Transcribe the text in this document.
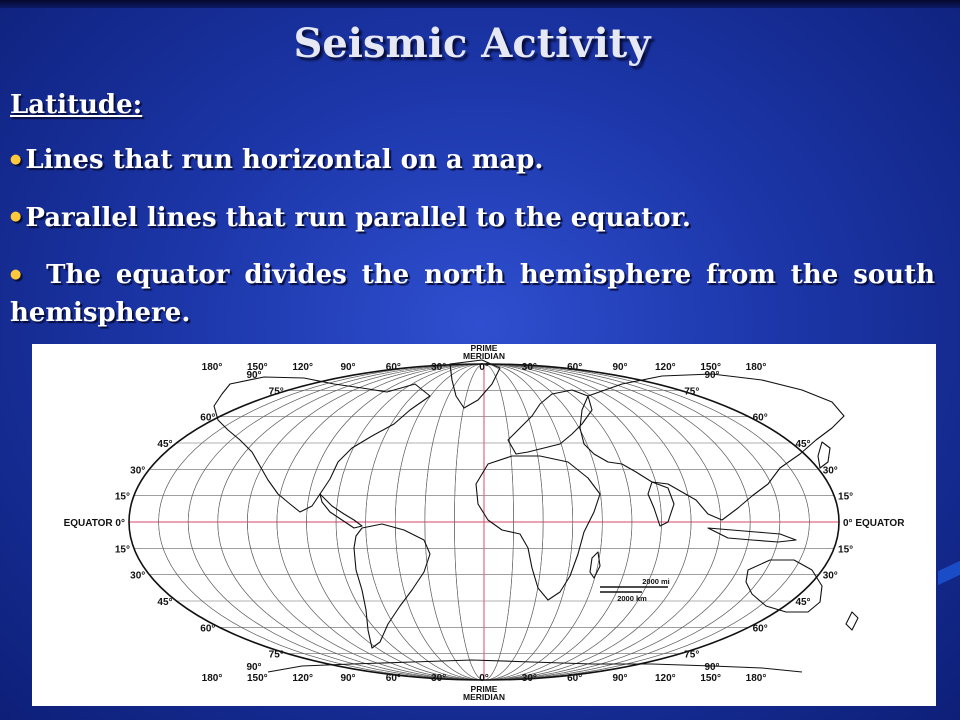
Seismic Activity
Latitude:
● Lines that run horizontal on a map.
● Parallel lines that run parallel to the equator.
● The equator divides the north hemisphere from the south hemisphere.
180°
180°
150°
150°
120°
120°
90°
90°
60°
60°
30°
30°
0°
0°
30°
30°
60°
60°
90°
90°
120°
120°
150°
150°
180°
180°
PRIME
MERIDIAN
PRIME
MERIDIAN
75°	75°
60°	60°
45°	45°
30°	30°
15°	15°
EQUATOR 0°	0° EQUATOR
15°	15°
30°	30°
45°	45°
60°	60°
75°	75°
90°	90°
90°	90°
2000 mi
2000 km
